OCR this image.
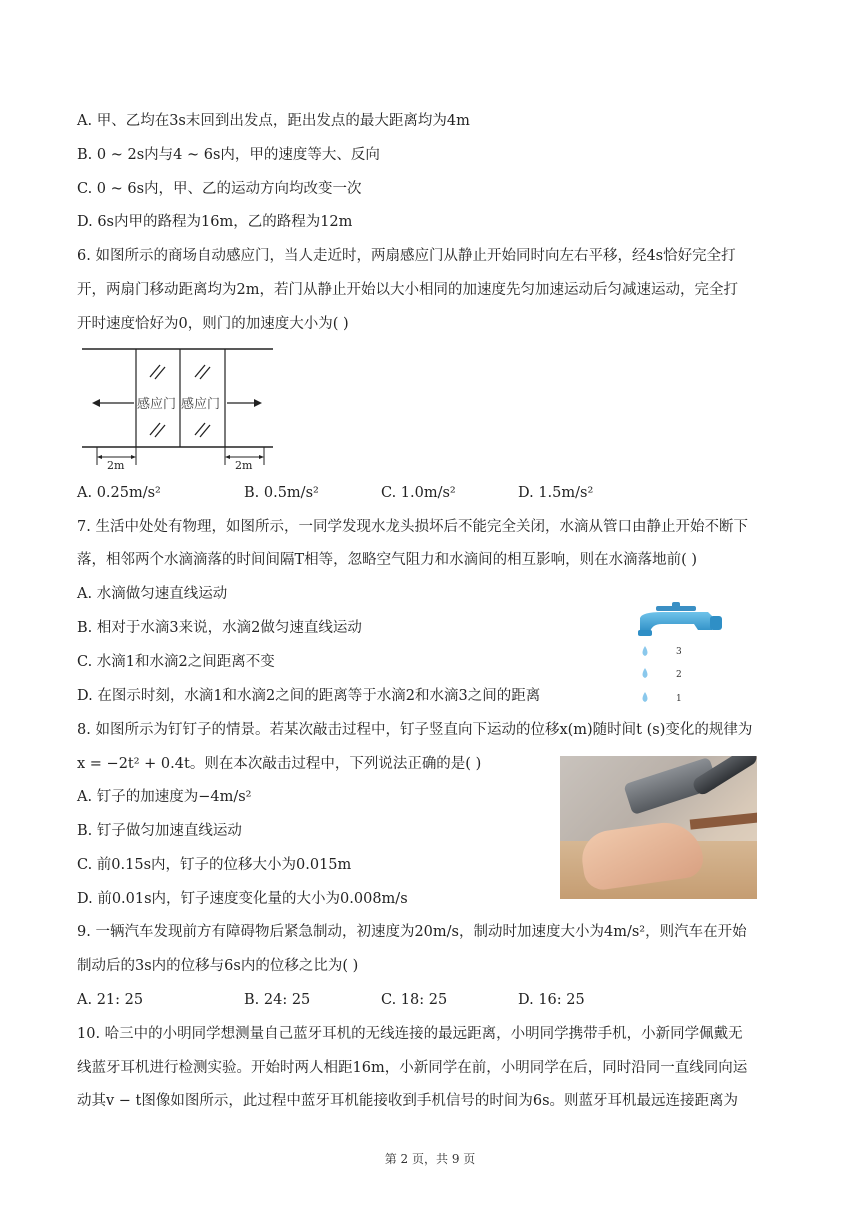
A. 甲、乙均在3s末回到出发点，距出发点的最大距离均为4m
B. 0 ~ 2s内与4 ~ 6s内，甲的速度等大、反向
C. 0 ~ 6s内，甲、乙的运动方向均改变一次
D. 6s内甲的路程为16m，乙的路程为12m
6. 如图所示的商场自动感应门，当人走近时，两扇感应门从静止开始同时向左右平移，经4s恰好完全打
开，两扇门移动距离均为2m，若门从静止开始以大小相同的加速度先匀加速运动后匀减速运动，完全打
开时速度恰好为0，则门的加速度大小为( )
感应门 感应门
2m	2m
A. 0.25m/s²	B. 0.5m/s²	C. 1.0m/s²	D. 1.5m/s²
7. 生活中处处有物理，如图所示，一同学发现水龙头损坏后不能完全关闭，水滴从管口由静止开始不断下
落，相邻两个水滴滴落的时间间隔T相等，忽略空气阻力和水滴间的相互影响，则在水滴落地前( )
A. 水滴做匀速直线运动
B. 相对于水滴3来说，水滴2做匀速直线运动
C. 水滴1和水滴2之间距离不变
D. 在图示时刻，水滴1和水滴2之间的距离等于水滴2和水滴3之间的距离
3
2
1
8. 如图所示为钉钉子的情景。若某次敲击过程中，钉子竖直向下运动的位移x(m)随时间t (s)变化的规律为
x = −2t² + 0.4t。则在本次敲击过程中，下列说法正确的是( )
A. 钉子的加速度为−4m/s²
B. 钉子做匀加速直线运动
C. 前0.15s内，钉子的位移大小为0.015m
D. 前0.01s内，钉子速度变化量的大小为0.008m/s
9. 一辆汽车发现前方有障碍物后紧急制动，初速度为20m/s，制动时加速度大小为4m/s²，则汽车在开始
制动后的3s内的位移与6s内的位移之比为( )
A. 21: 25	B. 24: 25	C. 18: 25	D. 16: 25
10. 哈三中的小明同学想测量自己蓝牙耳机的无线连接的最远距离，小明同学携带手机，小新同学佩戴无
线蓝牙耳机进行检测实验。开始时两人相距16m，小新同学在前，小明同学在后，同时沿同一直线同向运
动其v − t图像如图所示，此过程中蓝牙耳机能接收到手机信号的时间为6s。则蓝牙耳机最远连接距离为
第 2 页，共 9 页
